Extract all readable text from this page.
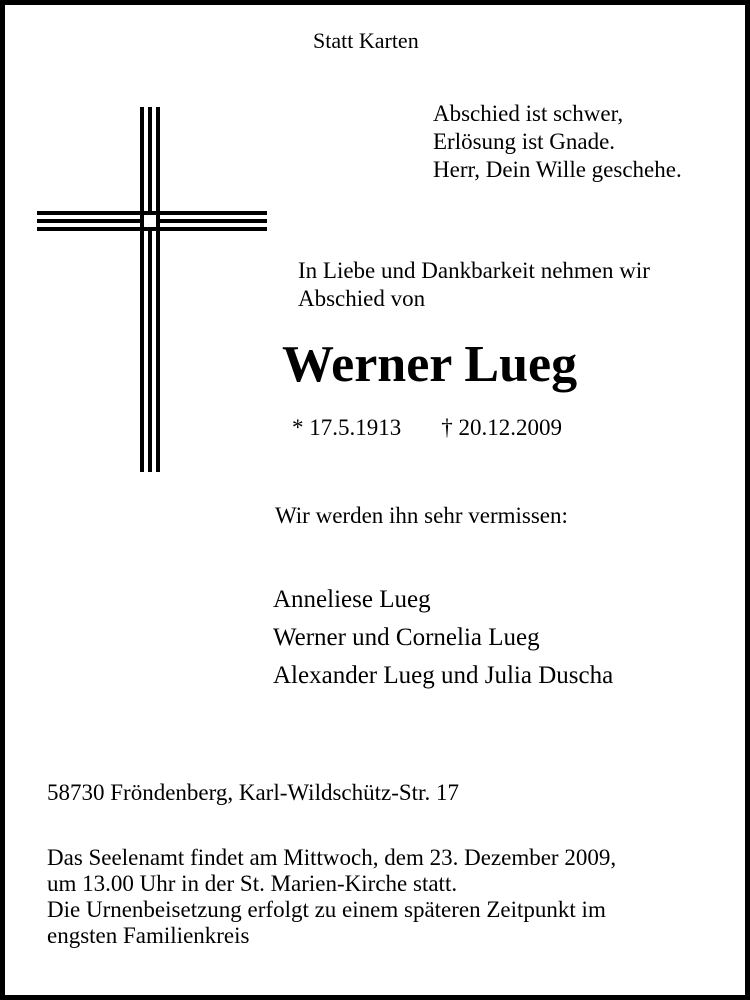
Statt Karten
Abschied ist schwer,
Erlösung ist Gnade.
Herr, Dein Wille geschehe.
In Liebe und Dankbarkeit nehmen wir
Abschied von
Werner Lueg
* 17.5.1913 † 20.12.2009
Wir werden ihn sehr vermissen:
Anneliese Lueg
Werner und Cornelia Lueg
Alexander Lueg und Julia Duscha
58730 Fröndenberg, Karl-Wildschütz-Str. 17
Das Seelenamt findet am Mittwoch, dem 23. Dezember 2009,
um 13.00 Uhr in der St. Marien-Kirche statt.
Die Urnenbeisetzung erfolgt zu einem späteren Zeitpunkt im
engsten Familienkreis
